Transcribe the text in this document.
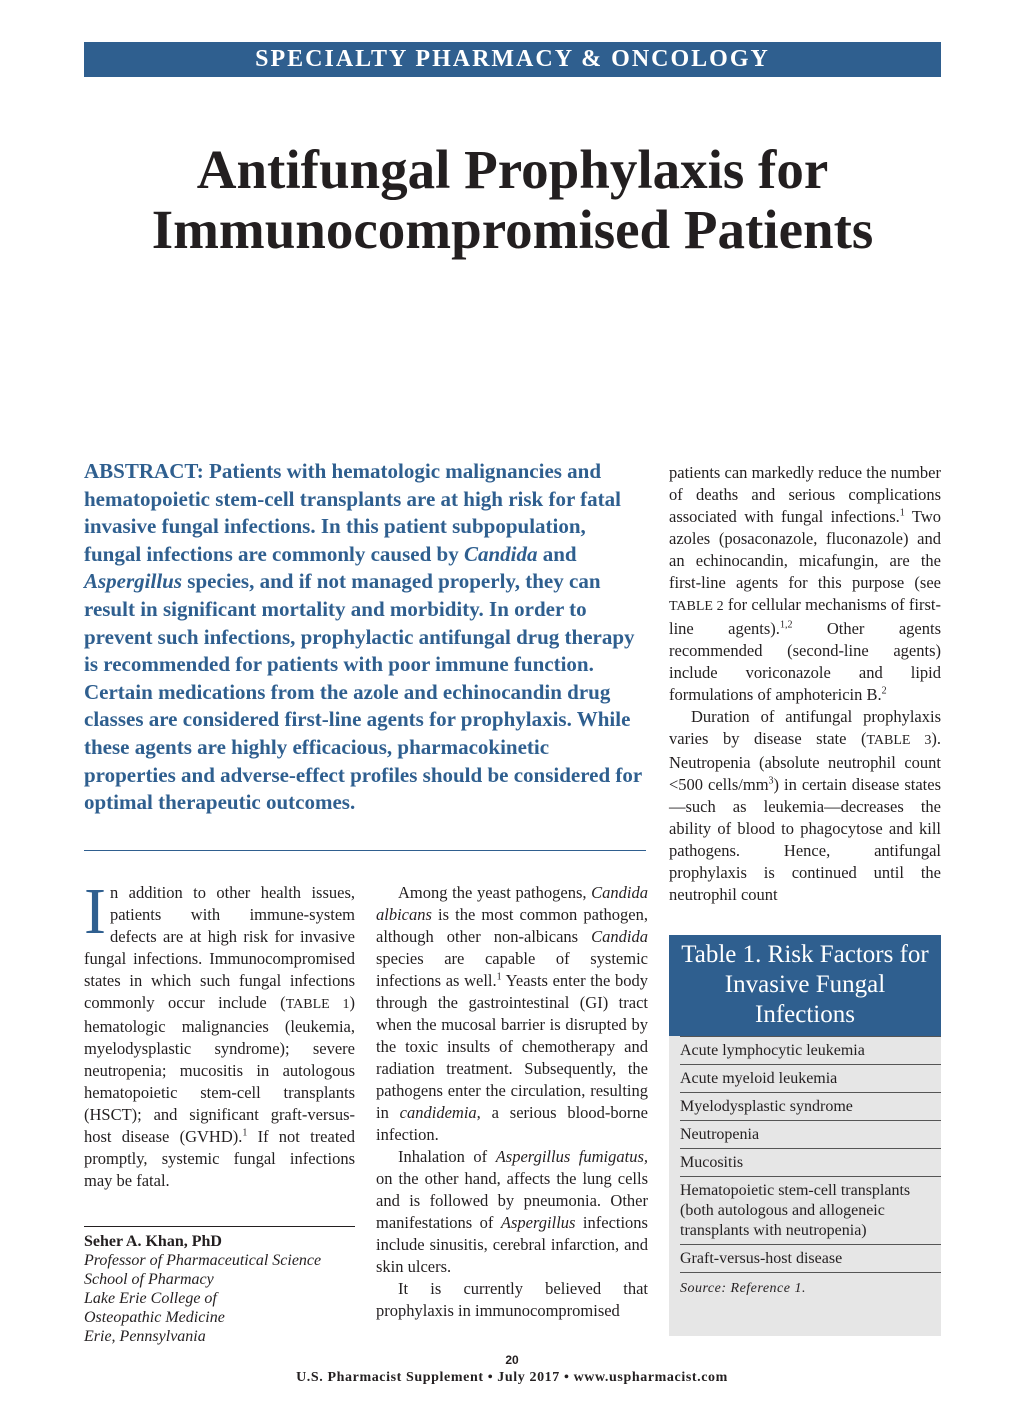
SPECIALTY PHARMACY & ONCOLOGY
Antifungal Prophylaxis for
Immunocompromised Patients

ABSTRACT: Patients with hematologic malignancies and hematopoietic stem-cell transplants are at high risk for fatal invasive fungal infections. In this patient subpopulation, fungal infections are commonly caused by Candida and Aspergillus species, and if not managed properly, they can result in significant mortality and morbidity. In order to prevent such infections, prophylactic antifungal drug therapy is recommended for patients with poor immune function. Certain medications from the azole and echinocandin drug classes are considered first-line agents for prophylaxis. While these agents are highly efficacious, pharmacokinetic properties and adverse-effect profiles should be considered for optimal therapeutic outcomes.

In addition to other health issues, patients with immune-system defects are at high risk for invasive fungal infections. Immunocompromised states in which such fungal infections commonly occur include (TABLE 1) hematologic malignancies (leukemia, myelodysplastic syndrome); severe neutropenia; mucositis in autologous hematopoietic stem-cell transplants (HSCT); and significant graft-versus-host disease (GVHD).$^1$ If not treated promptly, systemic fungal infections may be fatal.

Seher A. Khan, PhD
Professor of Pharmaceutical Science
School of Pharmacy
Lake Erie College of
Osteopathic Medicine
Erie, Pennsylvania

Among the yeast pathogens, Candida albicans is the most common pathogen, although other non-albicans Candida species are capable of systemic infections as well.$^1$ Yeasts enter the body through the gastrointestinal (GI) tract when the mucosal barrier is disrupted by the toxic insults of chemotherapy and radiation treatment. Subsequently, the pathogens enter the circulation, resulting in candidemia, a serious blood-borne infection.

Inhalation of Aspergillus fumigatus, on the other hand, affects the lung cells and is followed by pneumonia. Other manifestations of Aspergillus infections include sinusitis, cerebral infarction, and skin ulcers.

It is currently believed that prophylaxis in immunocompromised

patients can markedly reduce the number of deaths and serious complications associated with fungal infections.$^1$ Two azoles (posaconazole, fluconazole) and an echinocandin, micafungin, are the first-line agents for this purpose (see TABLE 2 for cellular mechanisms of first-line agents).$^{1,2}$ Other agents recommended (second-line agents) include voriconazole and lipid formulations of amphotericin B.$^2$

Duration of antifungal prophylaxis varies by disease state (TABLE 3). Neutropenia (absolute neutrophil count <500 cells/$mm^3$) in certain disease states—such as leukemia—decreases the ability of blood to phagocytose and kill pathogens. Hence, antifungal prophylaxis is continued until the neutrophil count

Table 1. Risk Factors for Invasive Fungal Infections
Acute lymphocytic leukemia
Acute myeloid leukemia
Myelodysplastic syndrome
Neutropenia
Mucositis
Hematopoietic stem-cell transplants (both autologous and allogeneic transplants with neutropenia)
Graft-versus-host disease
Source: Reference 1.
20
U.S. Pharmacist Supplement • July 2017 • www.uspharmacist.com
